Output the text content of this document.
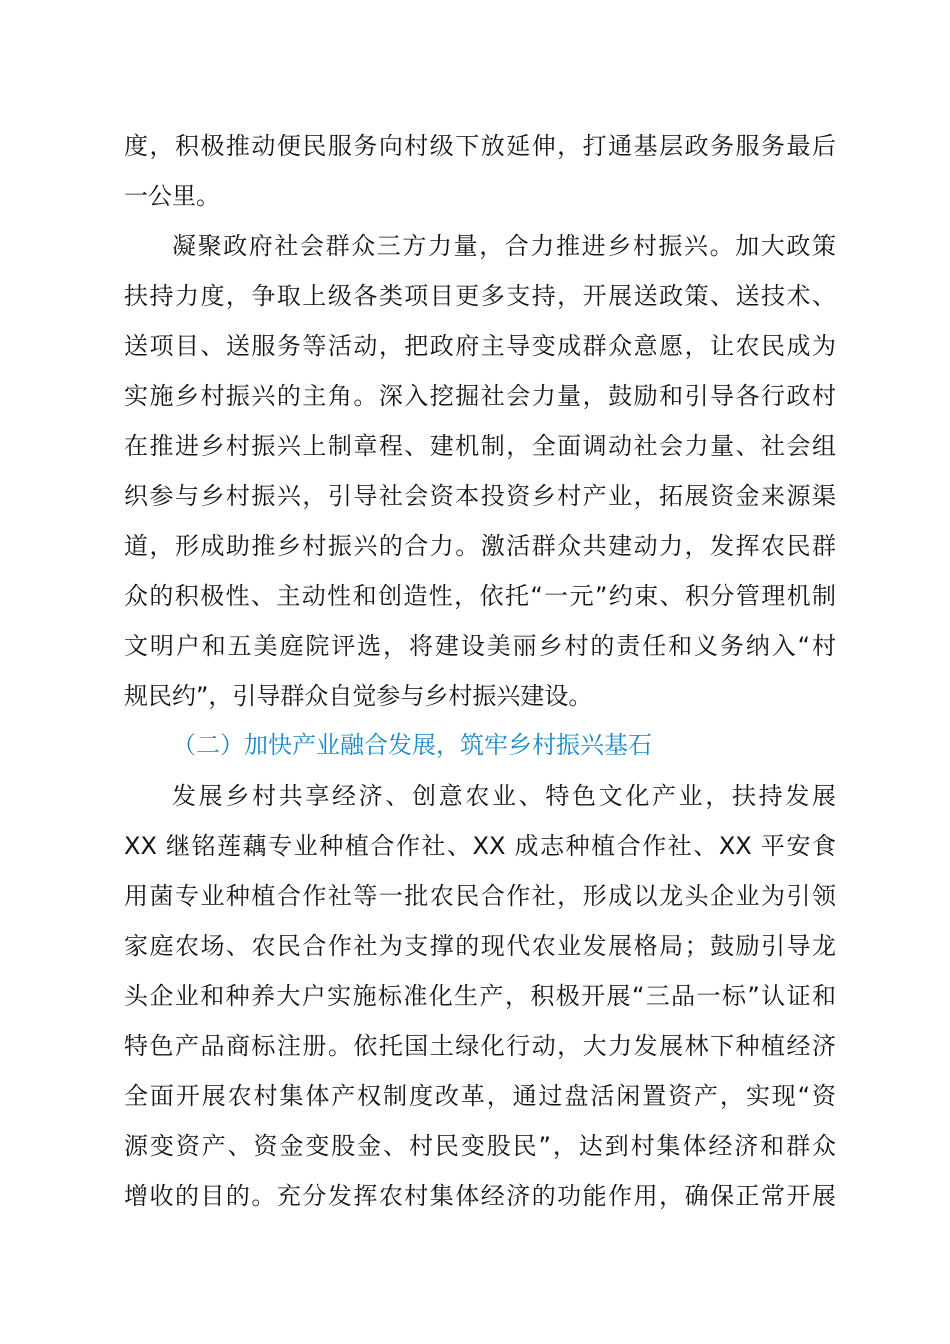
度，积极推动便民服务向村级下放延伸，打通基层政务服务最后
一公里。
凝聚政府社会群众三方力量，合力推进乡村振兴。加大政策
扶持力度，争取上级各类项目更多支持，开展送政策、送技术、
送项目、送服务等活动，把政府主导变成群众意愿，让农民成为
实施乡村振兴的主角。深入挖掘社会力量，鼓励和引导各行政村
在推进乡村振兴上制章程、建机制，全面调动社会力量、社会组
织参与乡村振兴，引导社会资本投资乡村产业，拓展资金来源渠
道，形成助推乡村振兴的合力。激活群众共建动力，发挥农民群
众的积极性、主动性和创造性，依托“一元”约束、积分管理机制
文明户和五美庭院评选，将建设美丽乡村的责任和义务纳入“村
规民约”，引导群众自觉参与乡村振兴建设。
（二）加快产业融合发展，筑牢乡村振兴基石
发展乡村共享经济、创意农业、特色文化产业，扶持发展
XX 继铭莲藕专业种植合作社、XX 成志种植合作社、XX 平安食
用菌专业种植合作社等一批农民合作社，形成以龙头企业为引领
家庭农场、农民合作社为支撑的现代农业发展格局；鼓励引导龙
头企业和种养大户实施标准化生产，积极开展“三品一标”认证和
特色产品商标注册。依托国土绿化行动，大力发展林下种植经济
全面开展农村集体产权制度改革，通过盘活闲置资产，实现“资
源变资产、资金变股金、村民变股民”，达到村集体经济和群众
增收的目的。充分发挥农村集体经济的功能作用，确保正常开展
